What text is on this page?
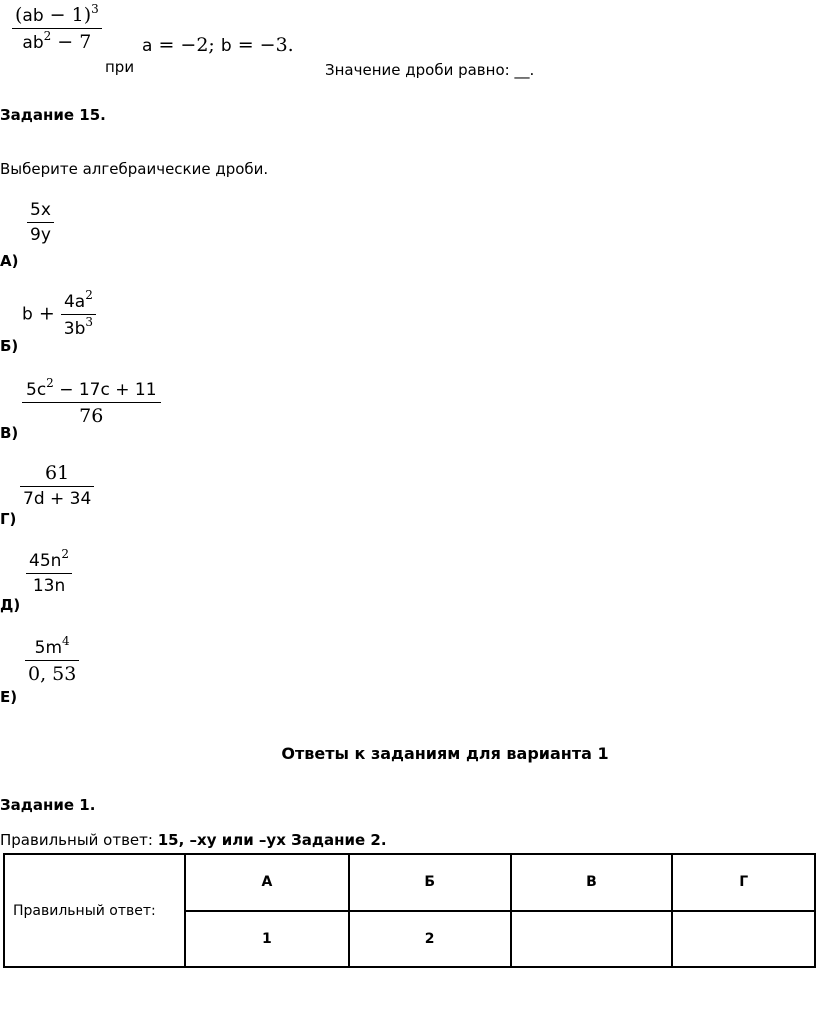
$\frac{(ab - 1)^3}{ab^2 - 7}$
при
a = −2; b = −3.
Значение дроби равно: __.
Задание 15.
Выберите алгебраические дроби.
$\frac{5x}{9y}$
А)
$b + \frac{4a^2}{3b^3}$
Б)
$\frac{5c^2 - 17c + 11}{76}$
В)
$\frac{61}{7d + 34}$
Г)
$\frac{45n^2}{13n}$
Д)
$\frac{5m^4}{0, 53}$
Е)
Ответы к заданиям для варианта 1
Задание 1.
Правильный ответ: 15, –xy или –yx Задание 2.
Правильный ответ:	А	Б	В	Г
	1	2		
